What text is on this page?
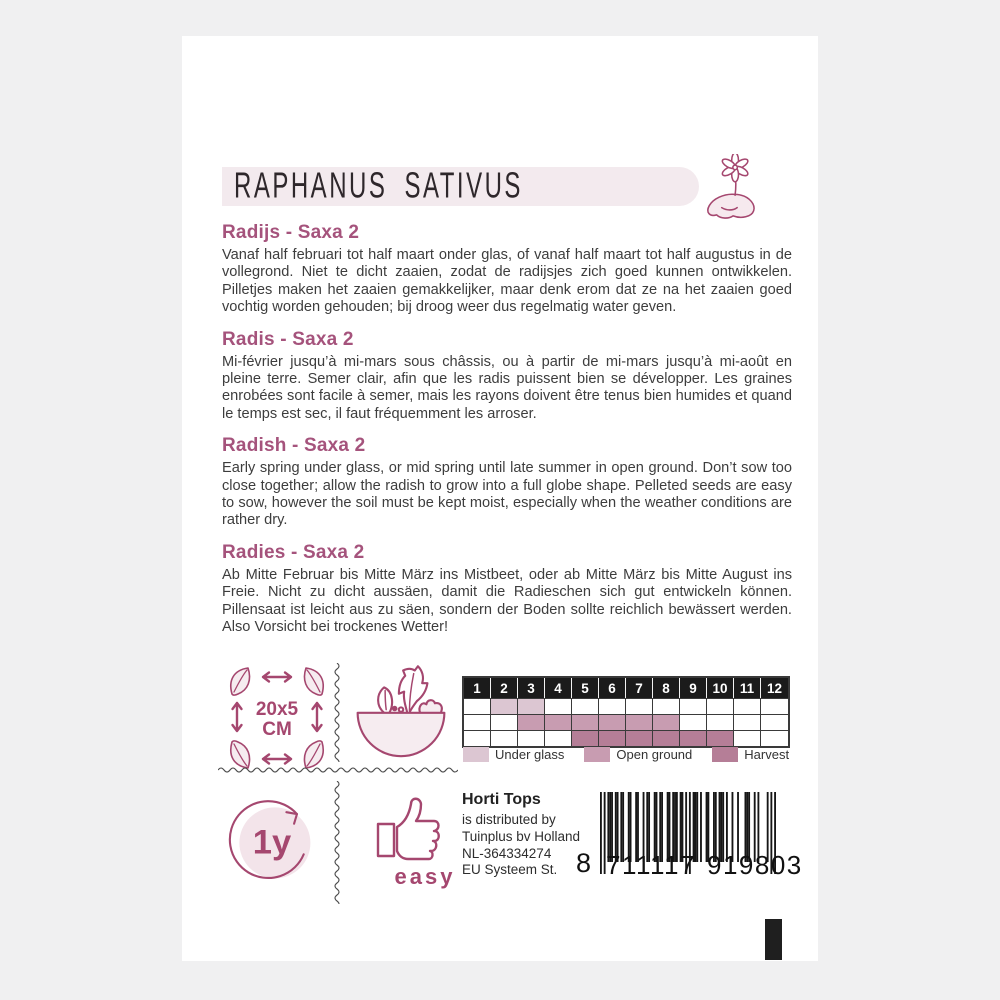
RAPHANUS SATIVUS
Radijs - Saxa 2

Vanaf half februari tot half maart onder glas, of vanaf half maart tot half augustus in de vollegrond. Niet te dicht zaaien, zodat de radijsjes zich goed kunnen ontwikkelen. Pilletjes maken het zaaien gemakkelijker, maar denk erom dat ze na het zaaien goed vochtig worden gehouden; bij droog weer dus regelmatig water geven.

Radis - Saxa 2

Mi-février jusqu’à mi-mars sous châssis, ou à partir de mi-mars jusqu’à mi-août en pleine terre. Semer clair, afin que les radis puissent bien se développer. Les graines enrobées sont facile à semer, mais les rayons doivent être tenus bien humides et quand le temps est sec, il faut fréquemment les arroser.

Radish - Saxa 2

Early spring under glass, or mid spring until late summer in open ground. Don’t sow too close together; allow the radish to grow into a full globe shape. Pelleted seeds are easy to sow, however the soil must be kept moist, especially when the weather conditions are rather dry.

Radies - Saxa 2

Ab Mitte Februar bis Mitte März ins Mistbeet, oder ab Mitte März bis Mitte August ins Freie. Nicht zu dicht aussäen, damit die Radieschen sich gut entwickeln können. Pillensaat ist leicht aus zu säen, sondern der Boden sollte reichlich bewässert werden. Also Vorsicht bei trockenes Wetter!

20x5
CM
1y
easy
1	2	3	4	5	6	7	8	9	10 11 12
Under glass	Open ground	Harvest
Horti Tops
is distributed by
Tuinplus bv Holland
NL-364334274
EU Systeem St. 8 711117 919803
